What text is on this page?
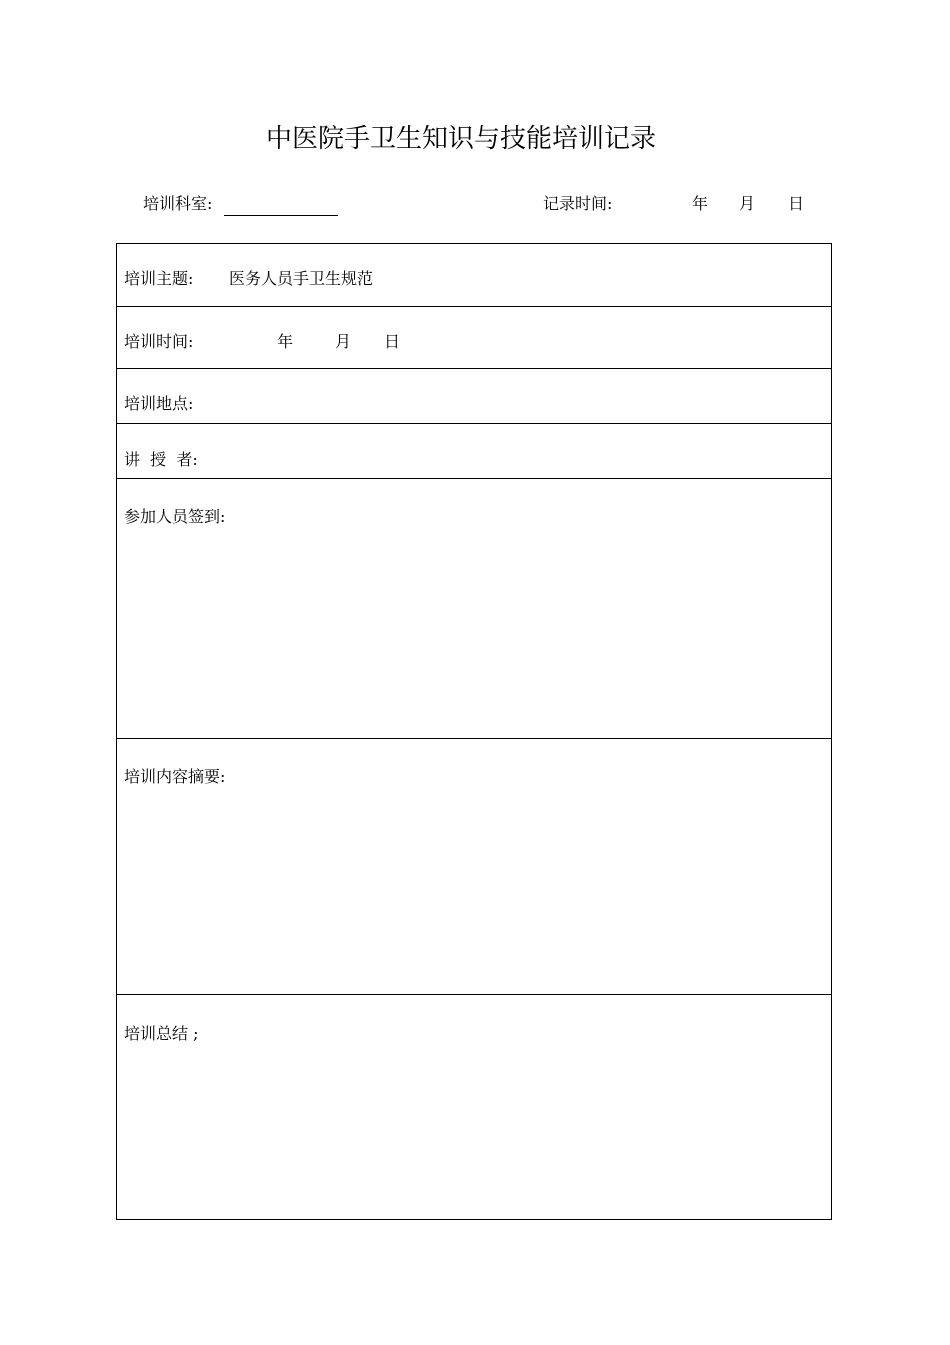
中医院手卫生知识与技能培训记录
培训科室:	记录时间:	年 月 日
培训主题: 医务人员手卫生规范
培训时间:	年	月 日
培训地点:
讲  授  者:
参加人员签到:
培训内容摘要:
培训总结 ;
